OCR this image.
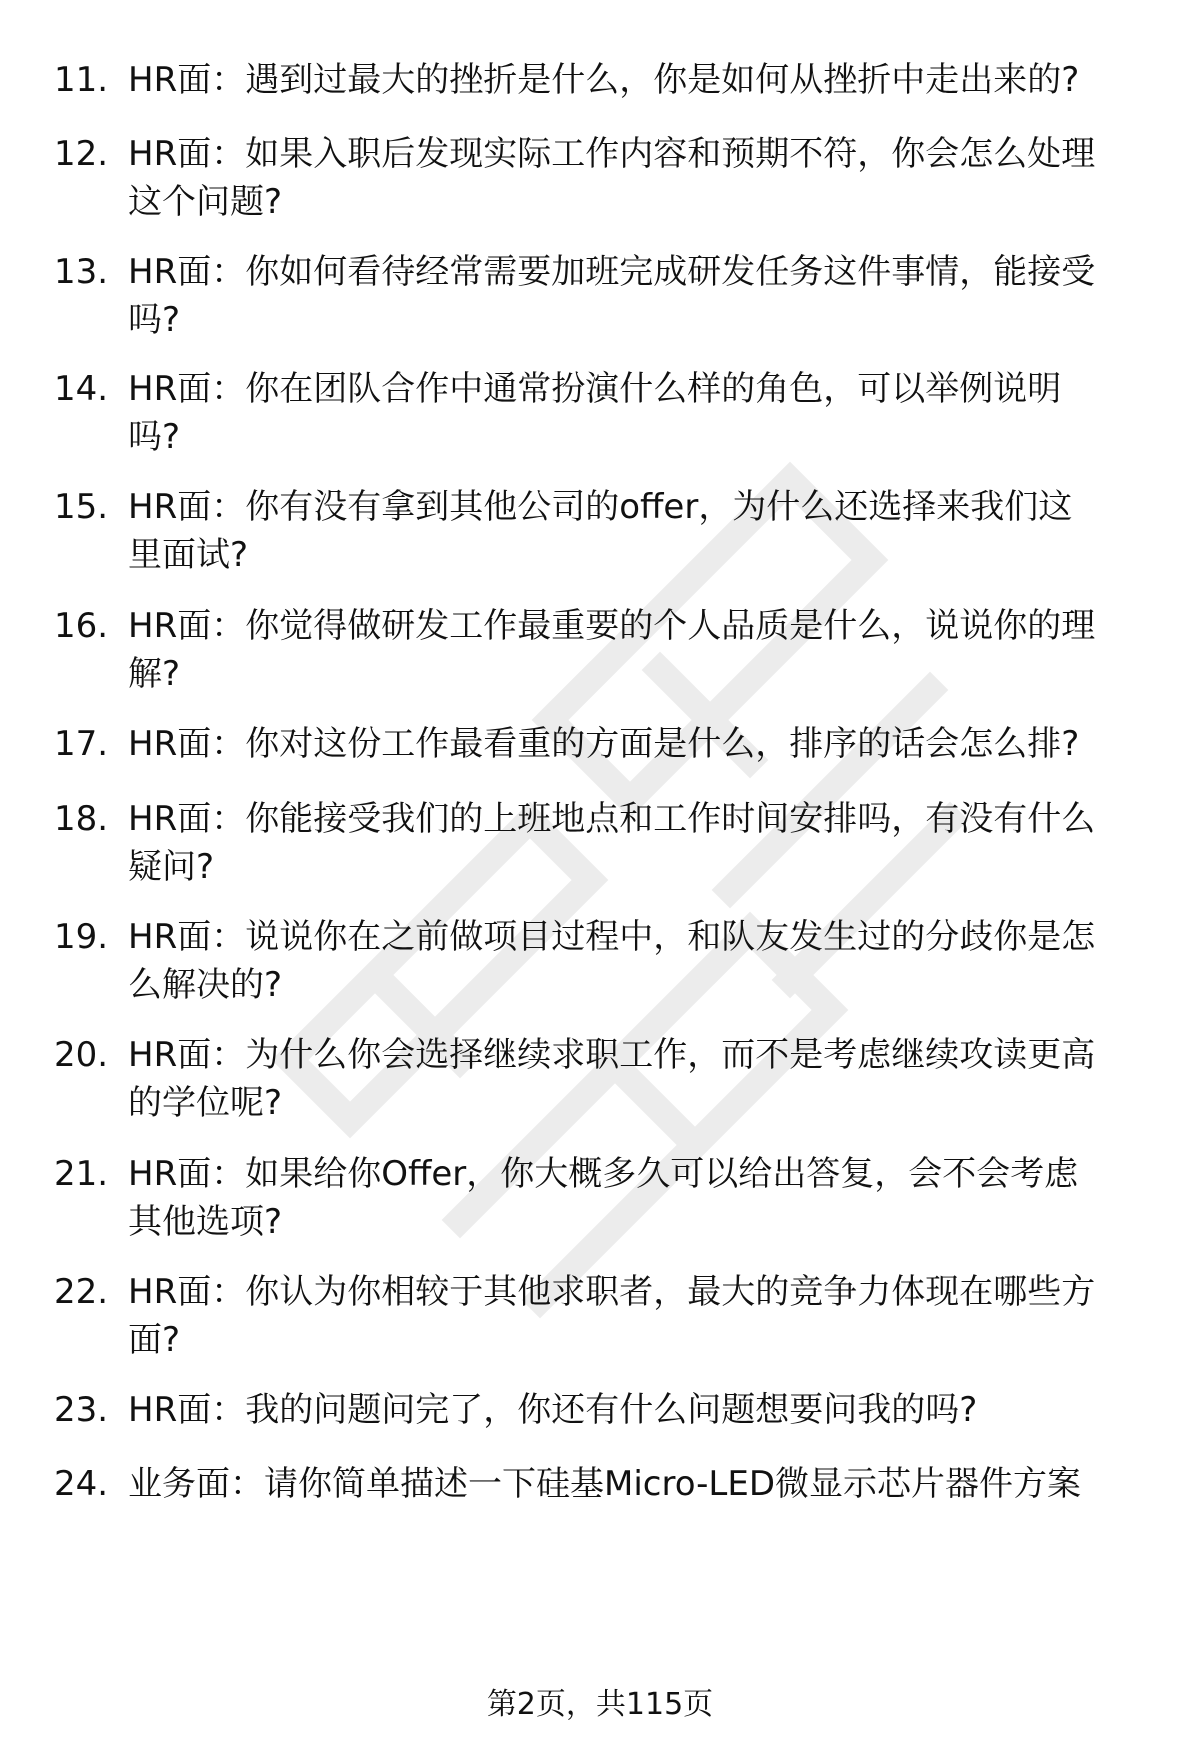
11. HR面：遇到过最大的挫折是什么，你是如何从挫折中走出来的?
12. HR面：如果入职后发现实际工作内容和预期不符，你会怎么处理
这个问题?
13. HR面：你如何看待经常需要加班完成研发任务这件事情，能接受
吗?
14. HR面：你在团队合作中通常扮演什么样的角色，可以举例说明
吗?
15. HR面：你有没有拿到其他公司的offer，为什么还选择来我们这
里面试?
16. HR面：你觉得做研发工作最重要的个人品质是什么，说说你的理
解?
17. HR面：你对这份工作最看重的方面是什么，排序的话会怎么排?
18. HR面：你能接受我们的上班地点和工作时间安排吗，有没有什么
疑问?
19. HR面：说说你在之前做项目过程中，和队友发生过的分歧你是怎
么解决的?
20. HR面：为什么你会选择继续求职工作，而不是考虑继续攻读更高
的学位呢?
21. HR面：如果给你Offer，你大概多久可以给出答复，会不会考虑
其他选项?
22. HR面：你认为你相较于其他求职者，最大的竞争力体现在哪些方
面?
23. HR面：我的问题问完了，你还有什么问题想要问我的吗?
24. 业务面：请你简单描述一下硅基Micro-LED微显示芯片器件方案
第2页，共115页
